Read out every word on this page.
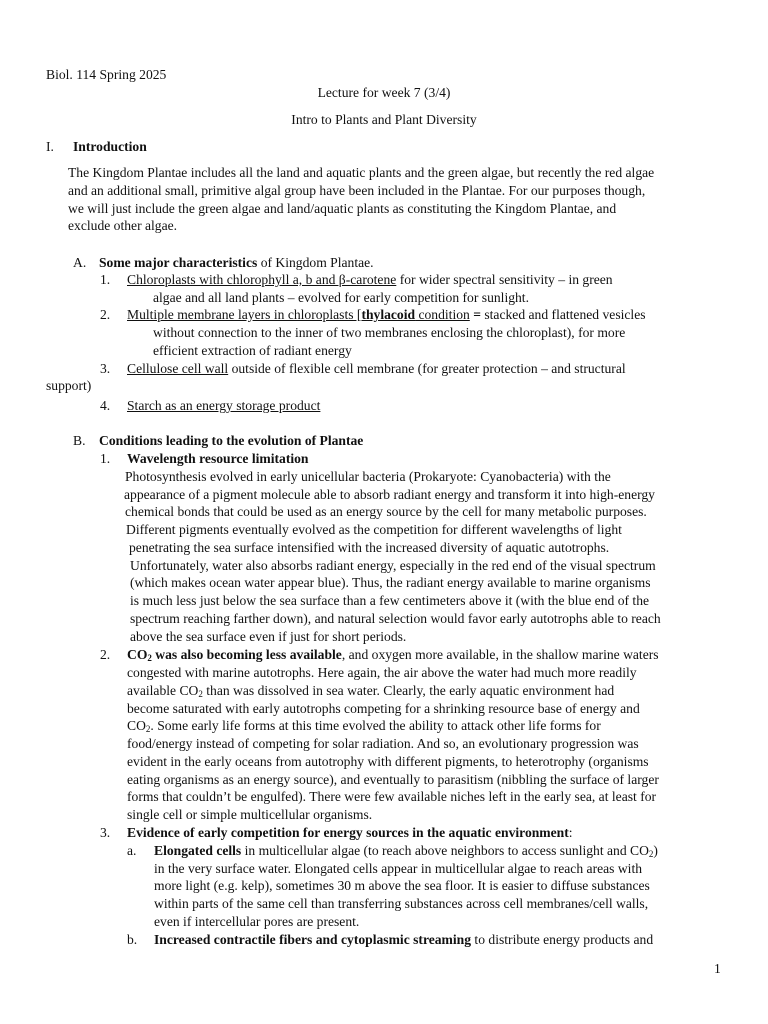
Biol. 114 Spring 2025
Lecture for week 7 (3/4)
Intro to Plants and Plant Diversity
I. Introduction
The Kingdom Plantae includes all the land and aquatic plants and the green algae, but recently the red algae
and an additional small, primitive algal group have been included in the Plantae. For our purposes though,
we will just include the green algae and land/aquatic plants as constituting the Kingdom Plantae, and
exclude other algae.
A. Some major characteristics of Kingdom Plantae.
1. Chloroplasts with chlorophyll a, b and β-carotene for wider spectral sensitivity – in green
algae and all land plants – evolved for early competition for sunlight.
2. Multiple membrane layers in chloroplasts [thylacoid condition = stacked and flattened vesicles
without connection to the inner of two membranes enclosing the chloroplast), for more
efficient extraction of radiant energy
3. Cellulose cell wall outside of flexible cell membrane (for greater protection – and structural
support)
4. Starch as an energy storage product
B. Conditions leading to the evolution of Plantae
1. Wavelength resource limitation
Photosynthesis evolved in early unicellular bacteria (Prokaryote: Cyanobacteria) with the
appearance of a pigment molecule able to absorb radiant energy and transform it into high-energy
chemical bonds that could be used as an energy source by the cell for many metabolic purposes.
Different pigments eventually evolved as the competition for different wavelengths of light
penetrating the sea surface intensified with the increased diversity of aquatic autotrophs.
Unfortunately, water also absorbs radiant energy, especially in the red end of the visual spectrum
(which makes ocean water appear blue). Thus, the radiant energy available to marine organisms
is much less just below the sea surface than a few centimeters above it (with the blue end of the
spectrum reaching farther down), and natural selection would favor early autotrophs able to reach
above the sea surface even if just for short periods.
2. $CO_2$ was also becoming less available, and oxygen more available, in the shallow marine waters
congested with marine autotrophs. Here again, the air above the water had much more readily
available $CO_2$ than was dissolved in sea water. Clearly, the early aquatic environment had
become saturated with early autotrophs competing for a shrinking resource base of energy and
$CO_2$. Some early life forms at this time evolved the ability to attack other life forms for
food/energy instead of competing for solar radiation. And so, an evolutionary progression was
evident in the early oceans from autotrophy with different pigments, to heterotrophy (organisms
eating organisms as an energy source), and eventually to parasitism (nibbling the surface of larger
forms that couldn’t be engulfed). There were few available niches left in the early sea, at least for
single cell or simple multicellular organisms.
3. Evidence of early competition for energy sources in the aquatic environment:
a. Elongated cells in multicellular algae (to reach above neighbors to access sunlight and $CO_2$)
in the very surface water. Elongated cells appear in multicellular algae to reach areas with
more light (e.g. kelp), sometimes 30 m above the sea floor. It is easier to diffuse substances
within parts of the same cell than transferring substances across cell membranes/cell walls,
even if intercellular pores are present.
b. Increased contractile fibers and cytoplasmic streaming to distribute energy products and
1
